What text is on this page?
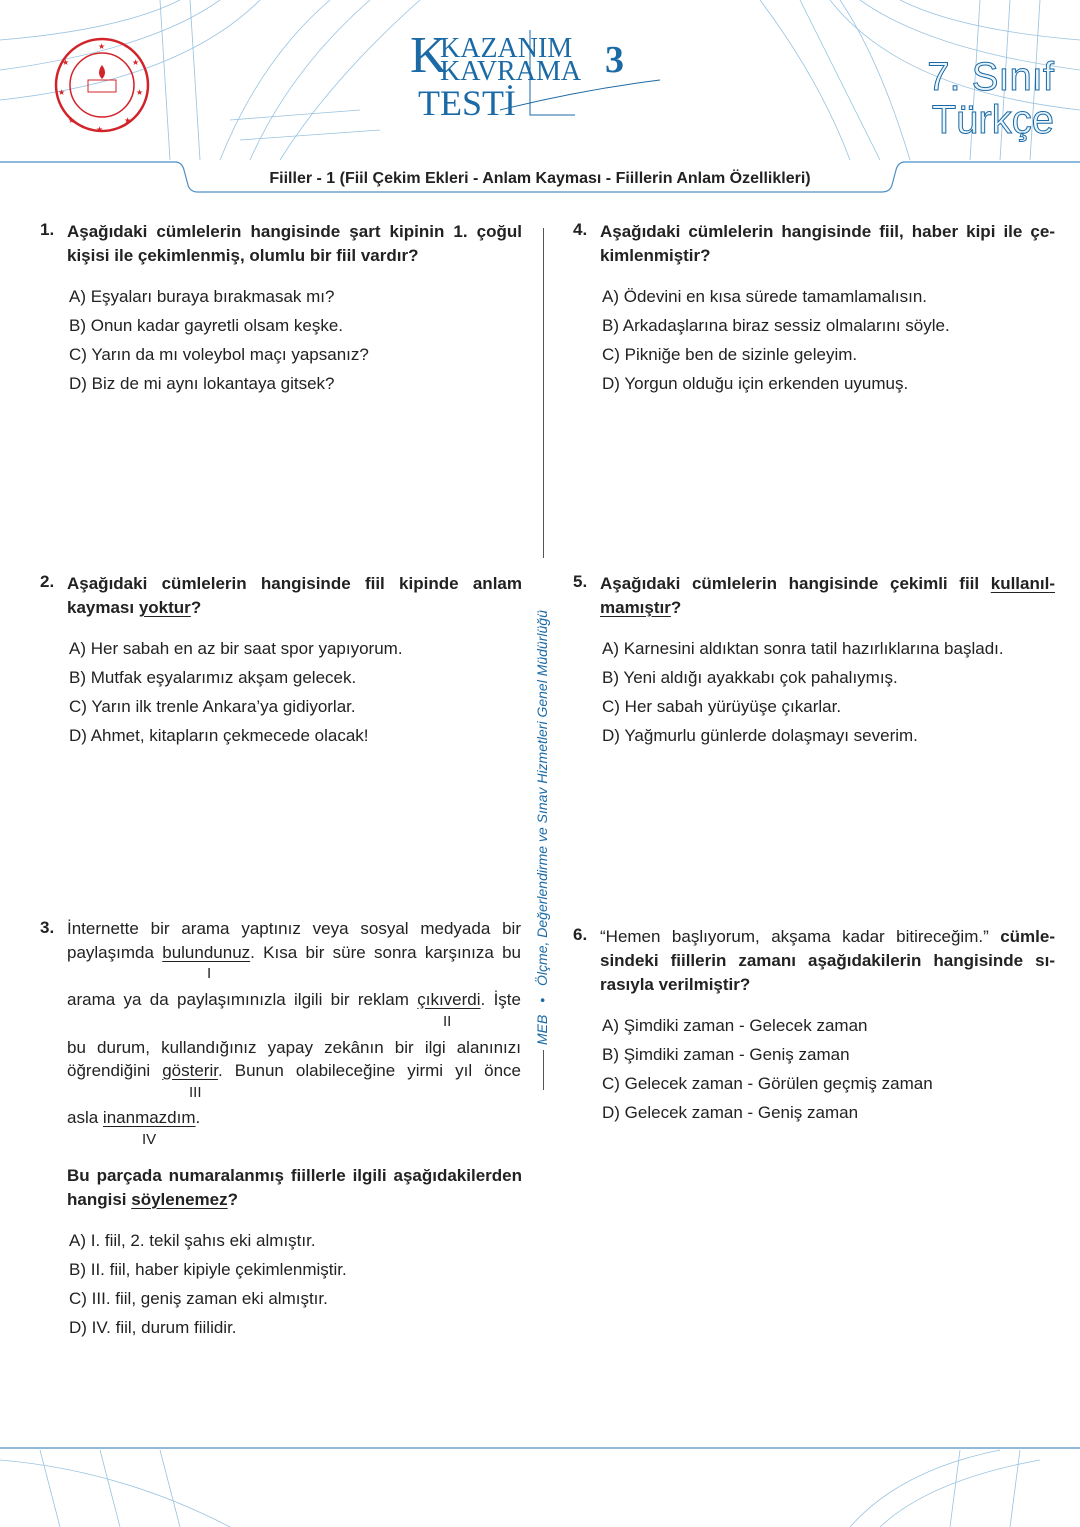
★
★
★
★
★
★
★
★	K
KAZANIM
KAVRAMA
TESTİ
3	7. Sınıf
Türkçe
Fiiller - 1 (Fiil Çekim Ekleri - Anlam Kayması - Fiillerin Anlam Özellikleri)
MEB • Ölçme, Değerlendirme ve Sınav Hizmetleri Genel Müdürlüğü
1. Aşağıdaki cümlelerin hangisinde şart kipinin 1. çoğul kişisi ile çekimlenmiş, olumlu bir fiil vardır?
A) Eşyaları buraya bırakmasak mı?
B) Onun kadar gayretli olsam keşke.
C) Yarın da mı voleybol maçı yapsanız?
D) Biz de mi aynı lokantaya gitsek?
2. Aşağıdaki cümlelerin hangisinde fiil kipinde anlam kayması yoktur?
A) Her sabah en az bir saat spor yapıyorum.
B) Mutfak eşyalarımız akşam gelecek.
C) Yarın ilk trenle Ankara’ya gidiyorlar.
D) Ahmet, kitapların çekmecede olacak!
3. İnternette bir arama yaptınız veya sosyal medyada bir
paylaşımda bulundunuz. Kısa bir süre sonra karşınıza bu
I
arama ya da paylaşımınızla ilgili bir reklam çıkıverdi. İşte
II
bu durum, kullandığınız yapay zekânın bir ilgi alanınızı
öğrendiğini gösterir. Bunun olabileceğine yirmi yıl önce
III
asla inanmazdım.
IV
Bu parçada numaralanmış fiillerle ilgili aşağıdakilerden hangisi söylenemez?
A) I. fiil, 2. tekil şahıs eki almıştır.
B) II. fiil, haber kipiyle çekimlenmiştir.
C) III. fiil, geniş zaman eki almıştır.
D) IV. fiil, durum fiilidir.
4. Aşağıdaki cümlelerin hangisinde fiil, haber kipi ile çekimlenmiştir?
A) Ödevini en kısa sürede tamamlamalısın.
B) Arkadaşlarına biraz sessiz olmalarını söyle.
C) Pikniğe ben de sizinle geleyim.
D) Yorgun olduğu için erkenden uyumuş.
5. Aşağıdaki cümlelerin hangisinde çekimli fiil kullanılmamıştır?
A) Karnesini aldıktan sonra tatil hazırlıklarına başladı.
B) Yeni aldığı ayakkabı çok pahalıymış.
C) Her sabah yürüyüşe çıkarlar.
D) Yağmurlu günlerde dolaşmayı severim.
6. “Hemen başlıyorum, akşama kadar bitireceğim.” cümlesindeki fiillerin zamanı aşağıdakilerin hangisinde sırasıyla verilmiştir?
A) Şimdiki zaman - Gelecek zaman
B) Şimdiki zaman - Geniş zaman
C) Gelecek zaman - Görülen geçmiş zaman
D) Gelecek zaman - Geniş zaman
